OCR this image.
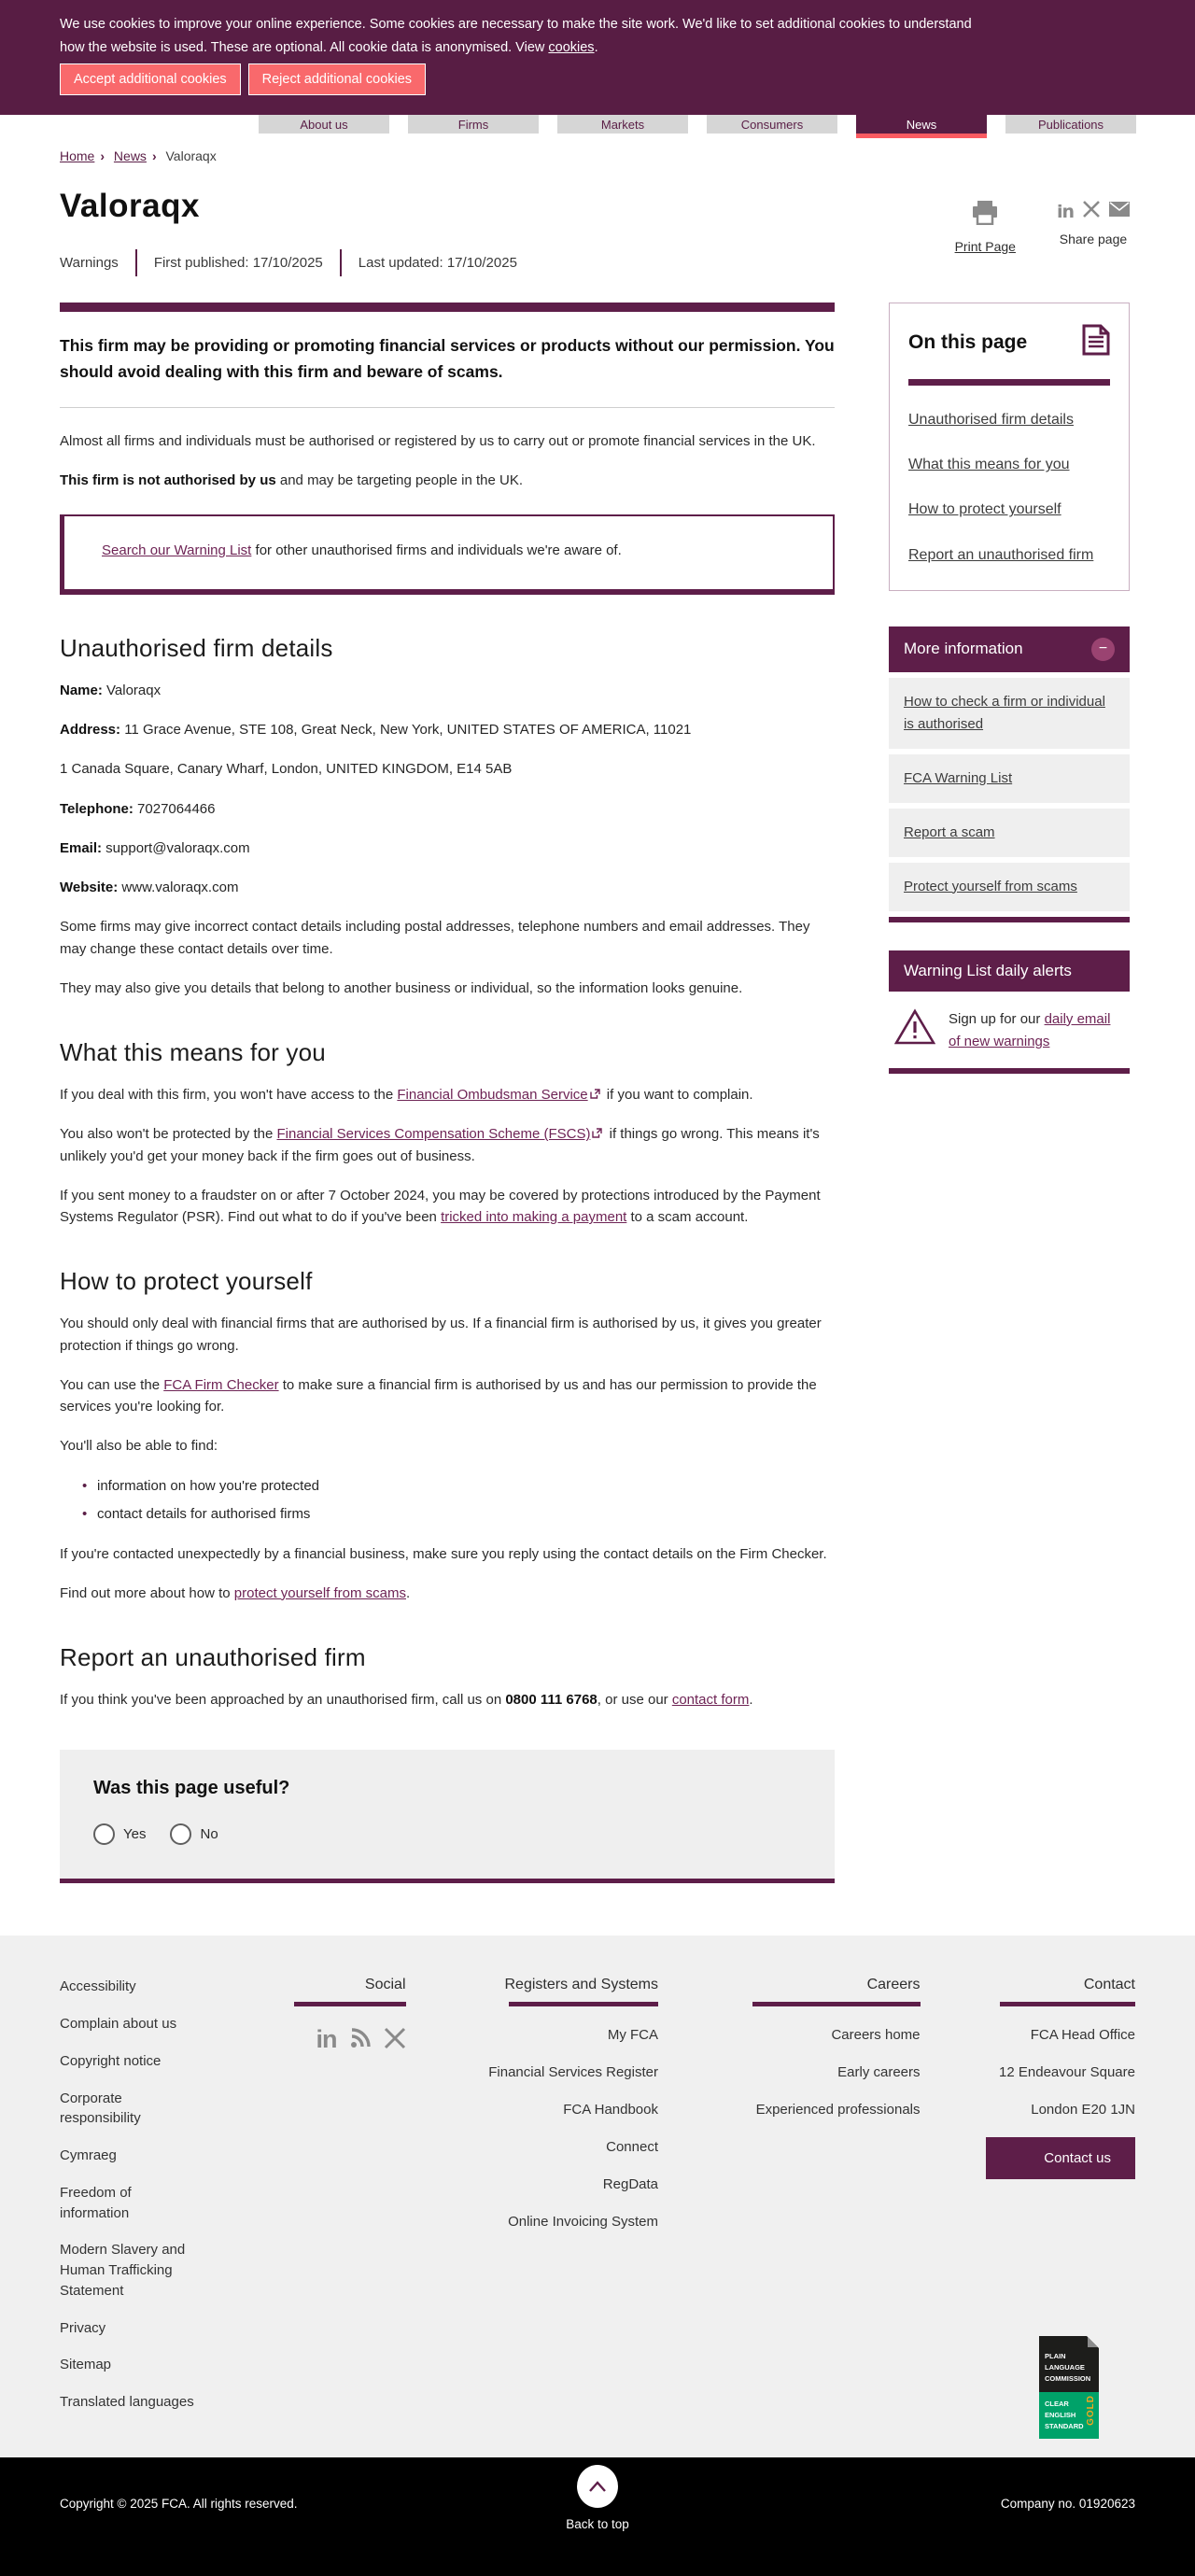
We use cookies to improve your online experience. Some cookies are necessary to make the site work. We'd like to set additional cookies to understand how the website is used. These are optional. All cookie data is anonymised. View cookies.
Accept additional cookies	Reject additional cookies
About us	Firms	Markets	Consumers	News	Publications
Home › News › Valoraqx
Valoraqx
Warnings	First published: 17/10/2025	Last updated: 17/10/2025
Print Page
in
Share page

This firm may be providing or promoting financial services or products without our permission. You should avoid dealing with this firm and beware of scams.

Almost all firms and individuals must be authorised or registered by us to carry out or promote financial services in the UK.

This firm is not authorised by us and may be targeting people in the UK.

Search our Warning List for other unauthorised firms and individuals we're aware of.
Unauthorised firm details

Name: Valoraqx

Address: 11 Grace Avenue, STE 108, Great Neck, New York, UNITED STATES OF AMERICA, 11021

1 Canada Square, Canary Wharf, London, UNITED KINGDOM, E14 5AB

Telephone: 7027064466

Email: support@valoraqx.com

Website: www.valoraqx.com

Some firms may give incorrect contact details including postal addresses, telephone numbers and email addresses. They may change these contact details over time.

They may also give you details that belong to another business or individual, so the information looks genuine.

What this means for you

If you deal with this firm, you won't have access to the Financial Ombudsman Service if you want to complain.

You also won't be protected by the Financial Services Compensation Scheme (FSCS) if things go wrong. This means it's unlikely you'd get your money back if the firm goes out of business.

If you sent money to a fraudster on or after 7 October 2024, you may be covered by protections introduced by the Payment Systems Regulator (PSR). Find out what to do if you've been tricked into making a payment to a scam account.

How to protect yourself

You should only deal with financial firms that are authorised by us. If a financial firm is authorised by us, it gives you greater protection if things go wrong.

You can use the FCA Firm Checker to make sure a financial firm is authorised by us and has our permission to provide the services you're looking for.

You'll also be able to find:

• information on how you're protected
• contact details for authorised firms

If you're contacted unexpectedly by a financial business, make sure you reply using the contact details on the Firm Checker.

Find out more about how to protect yourself from scams.

Report an unauthorised firm

If you think you've been approached by an unauthorised firm, call us on 0800 111 6768, or use our contact form.

Was this page useful?
Yes	No
On this page
Unauthorised firm details
What this means for you
How to protect yourself
Report an unauthorised firm
More information	−
How to check a firm or individual is authorised
FCA Warning List
Report a scam
Protect yourself from scams
Warning List daily alerts
Sign up for our daily email of new warnings
Accessibility
Complain about us
Copyright notice
Corporate responsibility
Cymraeg
Freedom of information
Modern Slavery and Human Trafficking Statement
Privacy
Sitemap
Translated languages
Social
in
Registers and Systems
My FCA
Financial Services Register
FCA Handbook
Connect
RegData
Online Invoicing System
Careers
Careers home
Early careers
Experienced professionals
Contact
FCA Head Office
12 Endeavour Square
London E20 1JN
Contact us
PLAIN
LANGUAGE
COMMISSION
CLEAR
ENGLISH
STANDARD
GOLD
Copyright © 2025 FCA. All rights reserved.
Back to top
Company no. 01920623
